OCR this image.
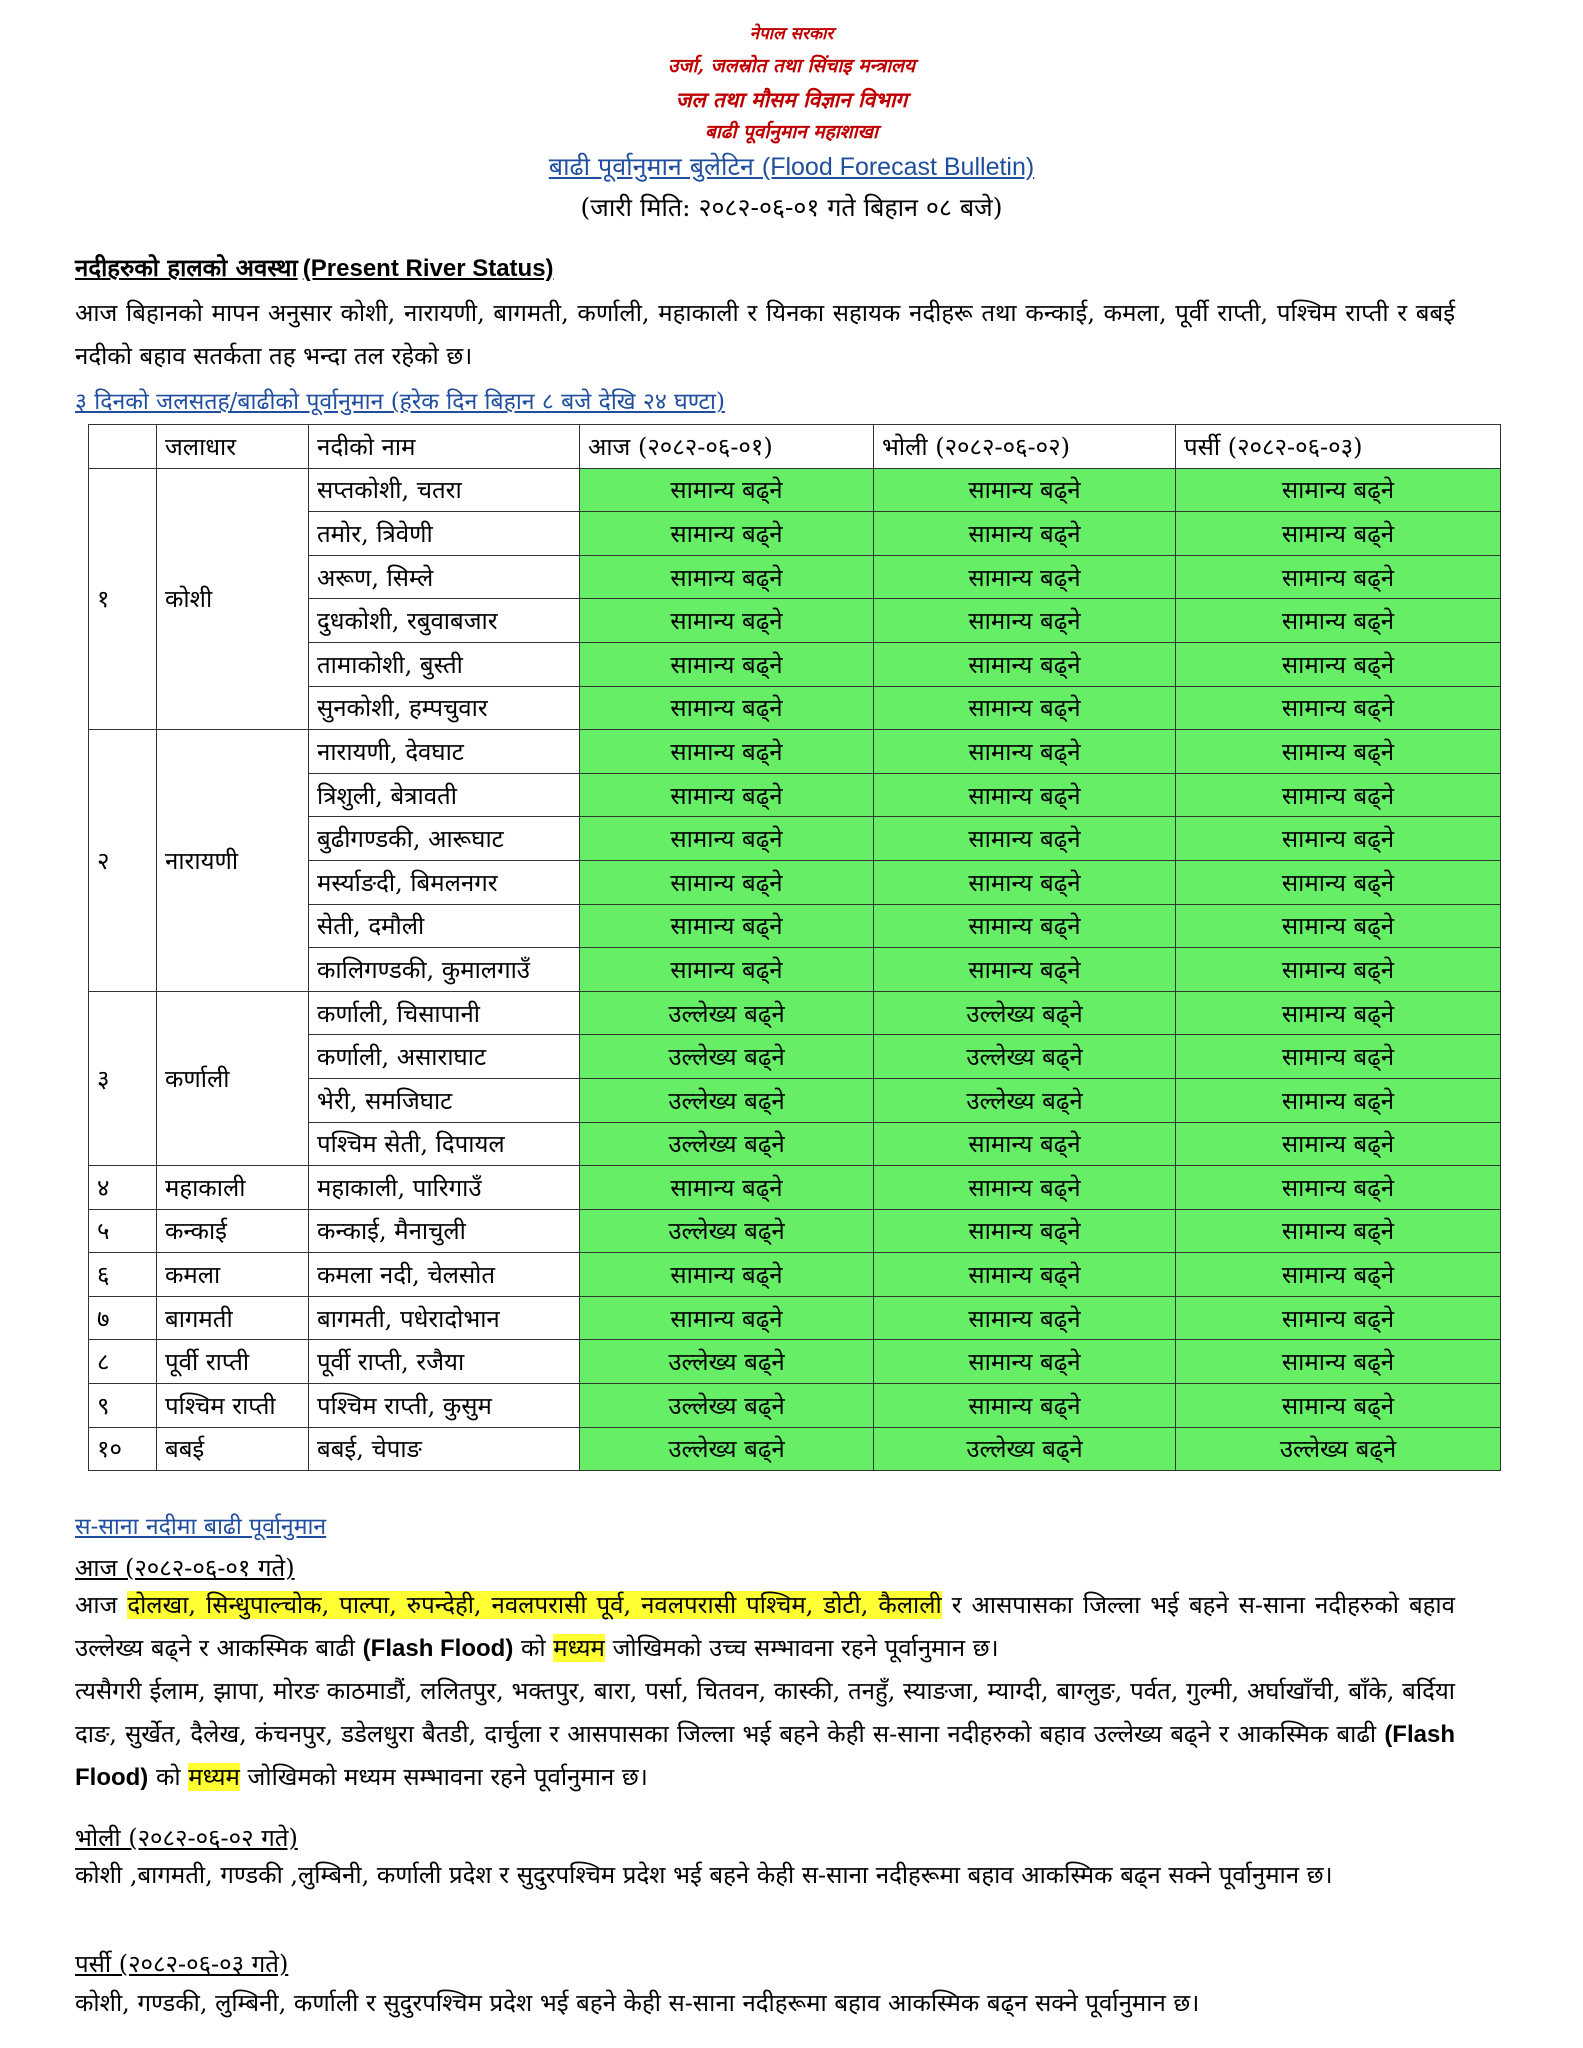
नेपाल सरकार
उर्जा, जलस्रोत तथा सिंचाइ मन्त्रालय
जल तथा मौसम विज्ञान विभाग
बाढी पूर्वानुमान महाशाखा
बाढी पूर्वानुमान बुलेटिन (Flood Forecast Bulletin)
(जारी मिति: २०८२-०६-०१ गते बिहान ०८ बजे)
नदीहरुको हालको अवस्था (Present River Status)
आज बिहानको मापन अनुसार कोशी, नारायणी, बागमती, कर्णाली, महाकाली र यिनका सहायक नदीहरू तथा कन्काई, कमला, पूर्वी राप्ती, पश्चिम राप्ती र बबई नदीको बहाव सतर्कता तह भन्दा तल रहेको छ।
३ दिनको जलसतह/बाढीको पूर्वानुमान (हरेक दिन बिहान ८ बजे देखि २४ घण्टा)
	जलाधार	नदीको नाम	आज (२०८२-०६-०१)	भोली (२०८२-०६-०२)	पर्सी (२०८२-०६-०३)
१	कोशी	सप्तकोशी, चतरा	सामान्य बढ्ने	सामान्य बढ्ने	सामान्य बढ्ने
		तमोर, त्रिवेणी	सामान्य बढ्ने	सामान्य बढ्ने	सामान्य बढ्ने
		अरूण, सिम्ले	सामान्य बढ्ने	सामान्य बढ्ने	सामान्य बढ्ने
		दुधकोशी, रबुवाबजार	सामान्य बढ्ने	सामान्य बढ्ने	सामान्य बढ्ने
		तामाकोशी, बुस्ती	सामान्य बढ्ने	सामान्य बढ्ने	सामान्य बढ्ने
		सुनकोशी, हम्पचुवार	सामान्य बढ्ने	सामान्य बढ्ने	सामान्य बढ्ने
२	नारायणी	नारायणी, देवघाट	सामान्य बढ्ने	सामान्य बढ्ने	सामान्य बढ्ने
		त्रिशुली, बेत्रावती	सामान्य बढ्ने	सामान्य बढ्ने	सामान्य बढ्ने
		बुढीगण्डकी, आरूघाट	सामान्य बढ्ने	सामान्य बढ्ने	सामान्य बढ्ने
		मर्स्याङदी, बिमलनगर	सामान्य बढ्ने	सामान्य बढ्ने	सामान्य बढ्ने
		सेती, दमौली	सामान्य बढ्ने	सामान्य बढ्ने	सामान्य बढ्ने
		कालिगण्डकी, कुमालगाउँ	सामान्य बढ्ने	सामान्य बढ्ने	सामान्य बढ्ने
३	कर्णाली	कर्णाली, चिसापानी	उल्लेख्य बढ्ने	उल्लेख्य बढ्ने	सामान्य बढ्ने
		कर्णाली, असाराघाट	उल्लेख्य बढ्ने	उल्लेख्य बढ्ने	सामान्य बढ्ने
		भेरी, समजिघाट	उल्लेख्य बढ्ने	उल्लेख्य बढ्ने	सामान्य बढ्ने
		पश्चिम सेती, दिपायल	उल्लेख्य बढ्ने	सामान्य बढ्ने	सामान्य बढ्ने
४	महाकाली	महाकाली, पारिगाउँ	सामान्य बढ्ने	सामान्य बढ्ने	सामान्य बढ्ने
५	कन्काई	कन्काई, मैनाचुली	उल्लेख्य बढ्ने	सामान्य बढ्ने	सामान्य बढ्ने
६	कमला	कमला नदी, चेलसोत	सामान्य बढ्ने	सामान्य बढ्ने	सामान्य बढ्ने
७	बागमती	बागमती, पधेरादोभान	सामान्य बढ्ने	सामान्य बढ्ने	सामान्य बढ्ने
८	पूर्वी राप्ती	पूर्वी राप्ती, रजैया	उल्लेख्य बढ्ने	सामान्य बढ्ने	सामान्य बढ्ने
९	पश्चिम राप्ती	पश्चिम राप्ती, कुसुम	उल्लेख्य बढ्ने	सामान्य बढ्ने	सामान्य बढ्ने
१०	बबई	बबई, चेपाङ	उल्लेख्य बढ्ने	उल्लेख्य बढ्ने	उल्लेख्य बढ्ने
स-साना नदीमा बाढी पूर्वानुमान
आज (२०८२-०६-०१ गते)
आज दोलखा, सिन्धुपाल्चोक, पाल्पा, रुपन्देही, नवलपरासी पूर्व, नवलपरासी पश्चिम, डोटी, कैलाली र आसपासका जिल्ला भई बहने स-साना नदीहरुको बहाव उल्लेख्य बढ्ने र आकस्मिक बाढी (Flash Flood) को मध्यम जोखिमको उच्च सम्भावना रहने पूर्वानुमान छ।
त्यसैगरी ईलाम, झापा, मोरङ काठमाडौं, ललितपुर, भक्तपुर, बारा, पर्सा, चितवन, कास्की, तनहुँ, स्याङजा, म्याग्दी, बाग्लुङ, पर्वत, गुल्मी, अर्घाखाँची, बाँके, बर्दिया दाङ, सुर्खेत, दैलेख, कंचनपुर, डडेलधुरा बैतडी, दार्चुला र आसपासका जिल्ला भई बहने केही स-साना नदीहरुको बहाव उल्लेख्य बढ्ने र आकस्मिक बाढी (Flash Flood) को मध्यम जोखिमको मध्यम सम्भावना रहने पूर्वानुमान छ।
भोली (२०८२-०६-०२ गते)
कोशी ,बागमती, गण्डकी ,लुम्बिनी, कर्णाली प्रदेश र सुदुरपश्चिम प्रदेश भई बहने केही स-साना नदीहरूमा बहाव आकस्मिक बढ्न सक्ने पूर्वानुमान छ।
पर्सी (२०८२-०६-०३ गते)
कोशी, गण्डकी, लुम्बिनी, कर्णाली र सुदुरपश्चिम प्रदेश भई बहने केही स-साना नदीहरूमा बहाव आकस्मिक बढ्न सक्ने पूर्वानुमान छ।
